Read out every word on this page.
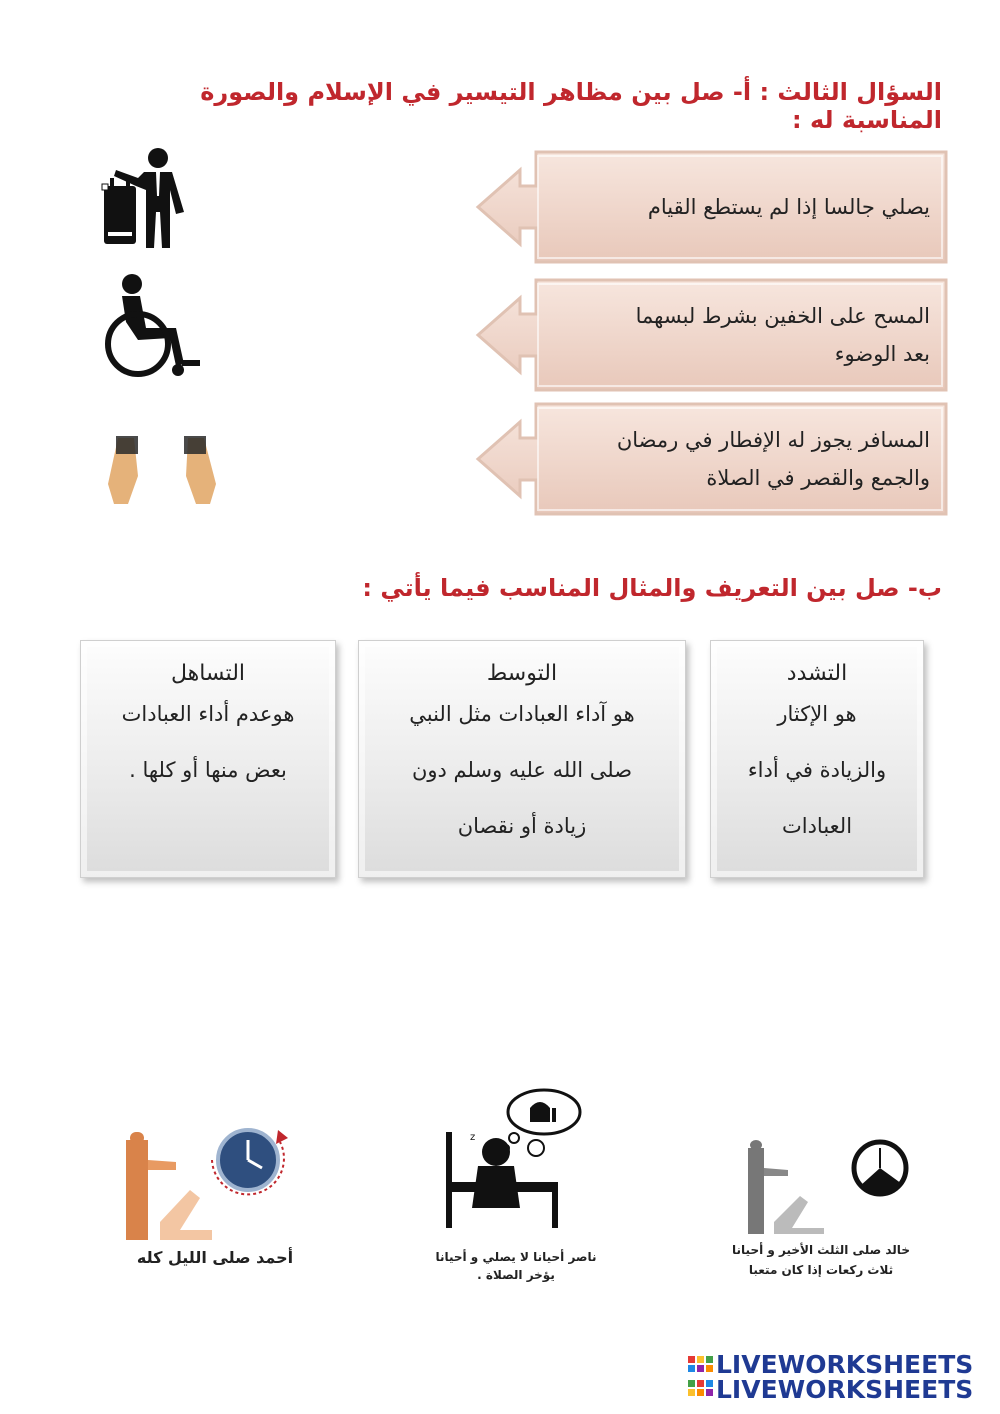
السؤال الثالث : أ- صل بين مظاهر التيسير في الإسلام والصورة المناسبة له :
يصلي جالسا إذا لم يستطع القيام
المسح على الخفين بشرط لبسهما
بعد الوضوء
المسافر يجوز له الإفطار في رمضان
والجمع والقصر في الصلاة
ب- صل بين التعريف والمثال المناسب فيما يأتي :
التشدد
هو الإكثار
والزيادة في أداء
العبادات
التوسط
هو آداء العبادات مثل النبي
صلى الله عليه وسلم دون
زيادة أو نقصان
التساهل
هوعدم أداء العبادات
بعض منها أو كلها .
z
أحمد صلى الليل كله	ناصر أحيانا لا يصلي و أحيانا
يؤخر الصلاة .
خالد صلى الثلث الأخير و أحيانا
ثلاث ركعات إذا كان متعبا
LIVEWORKSHEETS
LIVEWORKSHEETS
